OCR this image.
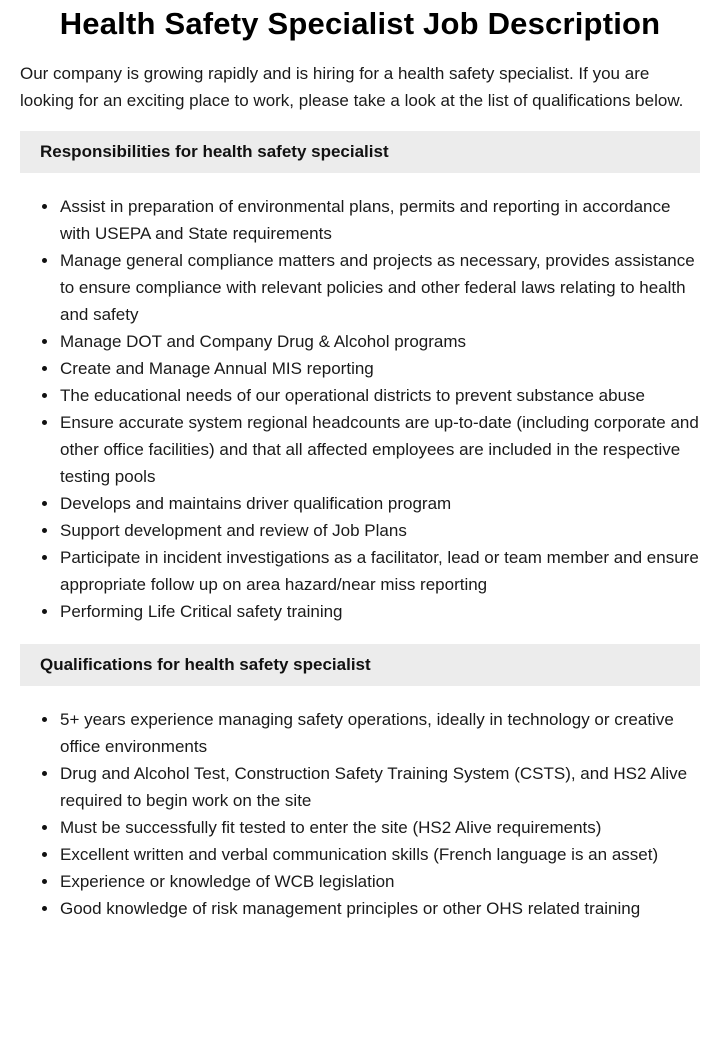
Health Safety Specialist Job Description

Our company is growing rapidly and is hiring for a health safety specialist. If you are looking for an exciting place to work, please take a look at the list of qualifications below.

Responsibilities for health safety specialist
Assist in preparation of environmental plans, permits and reporting in accordance with USEPA and State requirements
Manage general compliance matters and projects as necessary, provides assistance to ensure compliance with relevant policies and other federal laws relating to health and safety
Manage DOT and Company Drug & Alcohol programs
Create and Manage Annual MIS reporting
The educational needs of our operational districts to prevent substance abuse
Ensure accurate system regional headcounts are up-to-date (including corporate and other office facilities) and that all affected employees are included in the respective testing pools
Develops and maintains driver qualification program
Support development and review of Job Plans
Participate in incident investigations as a facilitator, lead or team member and ensure appropriate follow up on area hazard/near miss reporting
Performing Life Critical safety training
Qualifications for health safety specialist
5+ years experience managing safety operations, ideally in technology or creative office environments
Drug and Alcohol Test, Construction Safety Training System (CSTS), and HS2 Alive required to begin work on the site
Must be successfully fit tested to enter the site (HS2 Alive requirements)
Excellent written and verbal communication skills (French language is an asset)
Experience or knowledge of WCB legislation
Good knowledge of risk management principles or other OHS related training
